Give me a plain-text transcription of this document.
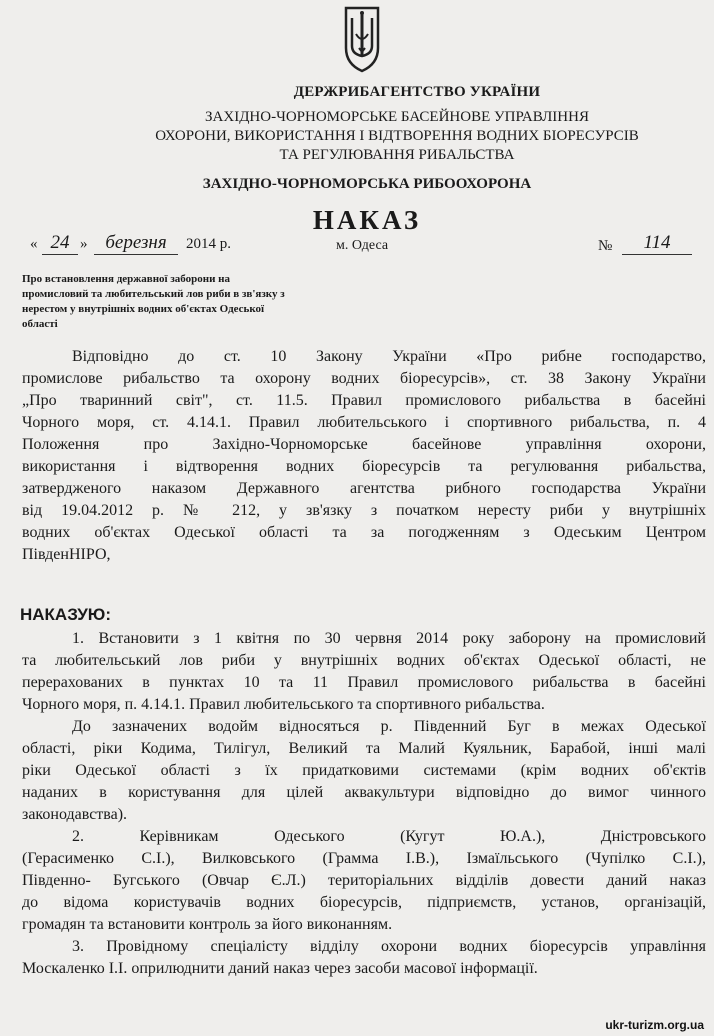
ДЕРЖРИБАГЕНТСТВО УКРАЇНИ
ЗАХІДНО-ЧОРНОМОРСЬКЕ БАСЕЙНОВЕ УПРАВЛІННЯ
ОХОРОНИ, ВИКОРИСТАННЯ І ВІДТВОРЕННЯ ВОДНИХ БІОРЕСУРСІВ
ТА РЕГУЛЮВАННЯ РИБАЛЬСТВА
ЗАХІДНО-ЧОРНОМОРСЬКА РИБООХОРОНА
НАКАЗ
« 24 » березня	2014 р.	м. Одеса	№	114
Про встановлення державної заборони на
промисловий та любительський лов риби в зв'язку з
нерестом у внутрішніх водних об'єктах Одеської
області
Відповідно до ст. 10 Закону України «Про рибне господарство,
промислове рибальство та охорону водних біоресурсів», ст. 38 Закону України
„Про тваринний світ", ст. 11.5. Правил промислового рибальства в басейні
Чорного моря, ст. 4.14.1. Правил любительського і спортивного рибальства, п. 4
Положення про Західно-Чорноморське басейнове управління охорони,
використання і відтворення водних біоресурсів та регулювання рибальства,
затвердженого наказом Державного агентства рибного господарства України
від 19.04.2012 р. № 212, у зв'язку з початком нересту риби у внутрішніх
водних об'єктах Одеської області та за погодженням з Одеським Центром
ПівденНІРО,
НАКАЗУЮ:
1. Встановити з 1 квітня по 30 червня 2014 року заборону на промисловий
та любительський лов риби у внутрішніх водних об'єктах Одеської області, не
перерахованих в пунктах 10 та 11 Правил промислового рибальства в басейні
Чорного моря, п. 4.14.1. Правил любительського та спортивного рибальства.
До зазначених водойм відносяться р. Південний Буг в межах Одеської
області, ріки Кодима, Тилігул, Великий та Малий Куяльник, Барабой, інші малі
ріки Одеської області з їх придатковими системами (крім водних об'єктів
наданих в користування для цілей аквакультури відповідно до вимог чинного
законодавства).
2. Керівникам Одеського (Кугут Ю.А.), Дністровського
(Герасименко С.І.), Вилковського (Грамма І.В.), Ізмаїльського (Чупілко С.І.),
Південно- Бугського (Овчар Є.Л.) територіальних відділів довести даний наказ
до відома користувачів водних біоресурсів, підприємств, установ, організацій,
громадян та встановити контроль за його виконанням.
3. Провідному спеціалісту відділу охорони водних біоресурсів управління
Москаленко І.І. оприлюднити даний наказ через засоби масової інформації.
ukr-turizm.org.ua
